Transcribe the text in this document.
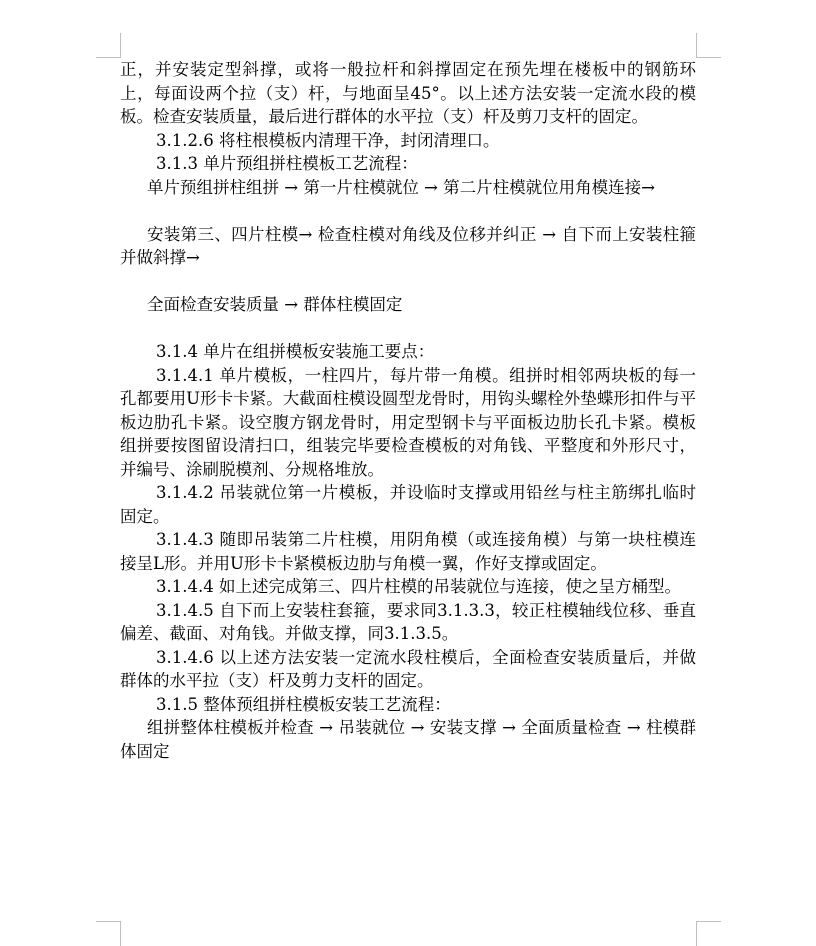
正，并安装定型斜撑，或将一般拉杆和斜撑固定在预先埋在楼板中的钢筋环上，每面设两个拉（支）杆，与地面呈45°。以上述方法安装一定流水段的模板。检查安装质量，最后进行群体的水平拉（支）杆及剪刀支杆的固定。

3.1.2.6 将柱根模板内清理干净，封闭清理口。

3.1.3 单片预组拼柱模板工艺流程：

单片预组拼柱组拼 → 第一片柱模就位 → 第二片柱模就位用角模连接→

安装第三、四片柱模→ 检查柱模对角线及位移并纠正 → 自下而上安装柱箍并做斜撑→

全面检查安装质量 → 群体柱模固定

3.1.4 单片在组拼模板安装施工要点：

3.1.4.1 单片模板，一柱四片，每片带一角模。组拼时相邻两块板的每一孔都要用U形卡卡紧。大截面柱模设圆型龙骨时，用钩头螺栓外垫蝶形扣件与平板边肋孔卡紧。设空腹方钢龙骨时，用定型钢卡与平面板边肋长孔卡紧。模板组拼要按图留设清扫口，组装完毕要检查模板的对角钱、平整度和外形尺寸，并编号、涂刷脱模剂、分规格堆放。

3.1.4.2 吊装就位第一片模板，并设临时支撑或用铅丝与柱主筋绑扎临时固定。

3.1.4.3 随即吊装第二片柱模，用阴角模（或连接角模）与第一块柱模连接呈L形。并用U形卡卡紧模板边肋与角模一翼，作好支撑或固定。

3.1.4.4 如上述完成第三、四片柱模的吊装就位与连接，使之呈方桶型。

3.1.4.5 自下而上安装柱套箍，要求同3.1.3.3，较正柱模轴线位移、垂直偏差、截面、对角钱。并做支撑，同3.1.3.5。

3.1.4.6 以上述方法安装一定流水段柱模后，全面检查安装质量后，并做群体的水平拉（支）杆及剪力支杆的固定。

3.1.5 整体预组拼柱模板安装工艺流程：

组拼整体柱模板并检查 → 吊装就位 → 安装支撑 → 全面质量检查 → 柱模群体固定
